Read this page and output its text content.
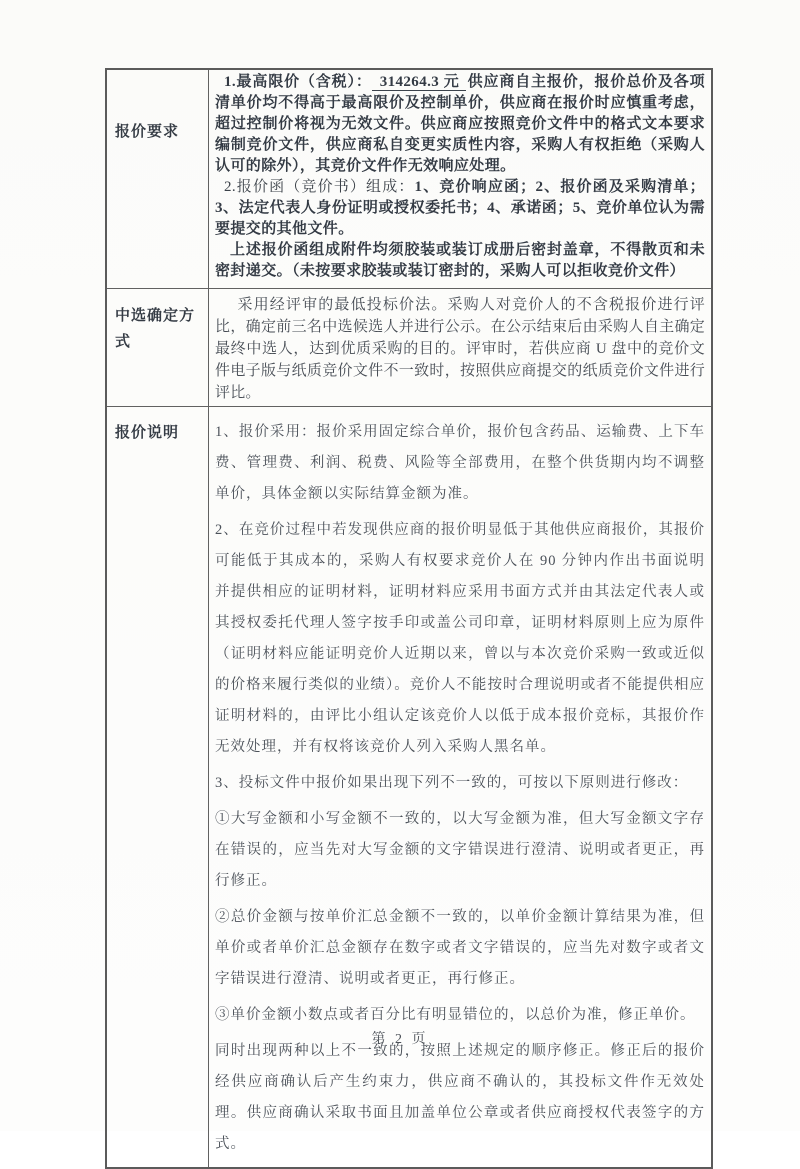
报价要求	1.最高限价（含税）： 314264.3 元 供应商自主报价，报价总价及各项清单价均不得高于最高限价及控制单价，供应商在报价时应慎重考虑，超过控制价将视为无效文件。供应商应按照竞价文件中的格式文本要求编制竞价文件，供应商私自变更实质性内容，采购人有权拒绝（采购人认可的除外），其竞价文件作无效响应处理。

2.报价函（竞价书）组成：1、竞价响应函；2、报价函及采购清单；3、法定代表人身份证明或授权委托书；4、承诺函；5、竞价单位认为需要提交的其他文件。

上述报价函组成附件均须胶装或装订成册后密封盖章，不得散页和未密封递交。（未按要求胶装或装订密封的，采购人可以拒收竞价文件）

中选确定方式	采用经评审的最低投标价法。采购人对竞价人的不含税报价进行评比，确定前三名中选候选人并进行公示。在公示结束后由采购人自主确定最终中选人，达到优质采购的目的。评审时，若供应商 U 盘中的竞价文件电子版与纸质竞价文件不一致时，按照供应商提交的纸质竞价文件进行评比。

报价说明	1、报价采用：报价采用固定综合单价，报价包含药品、运输费、上下车费、管理费、利润、税费、风险等全部费用，在整个供货期内均不调整单价，具体金额以实际结算金额为准。

2、在竞价过程中若发现供应商的报价明显低于其他供应商报价，其报价可能低于其成本的，采购人有权要求竞价人在 90 分钟内作出书面说明并提供相应的证明材料，证明材料应采用书面方式并由其法定代表人或其授权委托代理人签字按手印或盖公司印章，证明材料原则上应为原件（证明材料应能证明竞价人近期以来，曾以与本次竞价采购一致或近似的价格来履行类似的业绩）。竞价人不能按时合理说明或者不能提供相应证明材料的，由评比小组认定该竞价人以低于成本报价竞标，其报价作无效处理，并有权将该竞价人列入采购人黑名单。

3、投标文件中报价如果出现下列不一致的，可按以下原则进行修改：

①大写金额和小写金额不一致的，以大写金额为准，但大写金额文字存在错误的，应当先对大写金额的文字错误进行澄清、说明或者更正，再行修正。

②总价金额与按单价汇总金额不一致的，以单价金额计算结果为准，但单价或者单价汇总金额存在数字或者文字错误的，应当先对数字或者文字错误进行澄清、说明或者更正，再行修正。

③单价金额小数点或者百分比有明显错位的，以总价为准，修正单价。

同时出现两种以上不一致的，按照上述规定的顺序修正。修正后的报价经供应商确认后产生约束力，供应商不确认的，其投标文件作无效处理。供应商确认采取书面且加盖单位公章或者供应商授权代表签字的方式。

第 2 页
